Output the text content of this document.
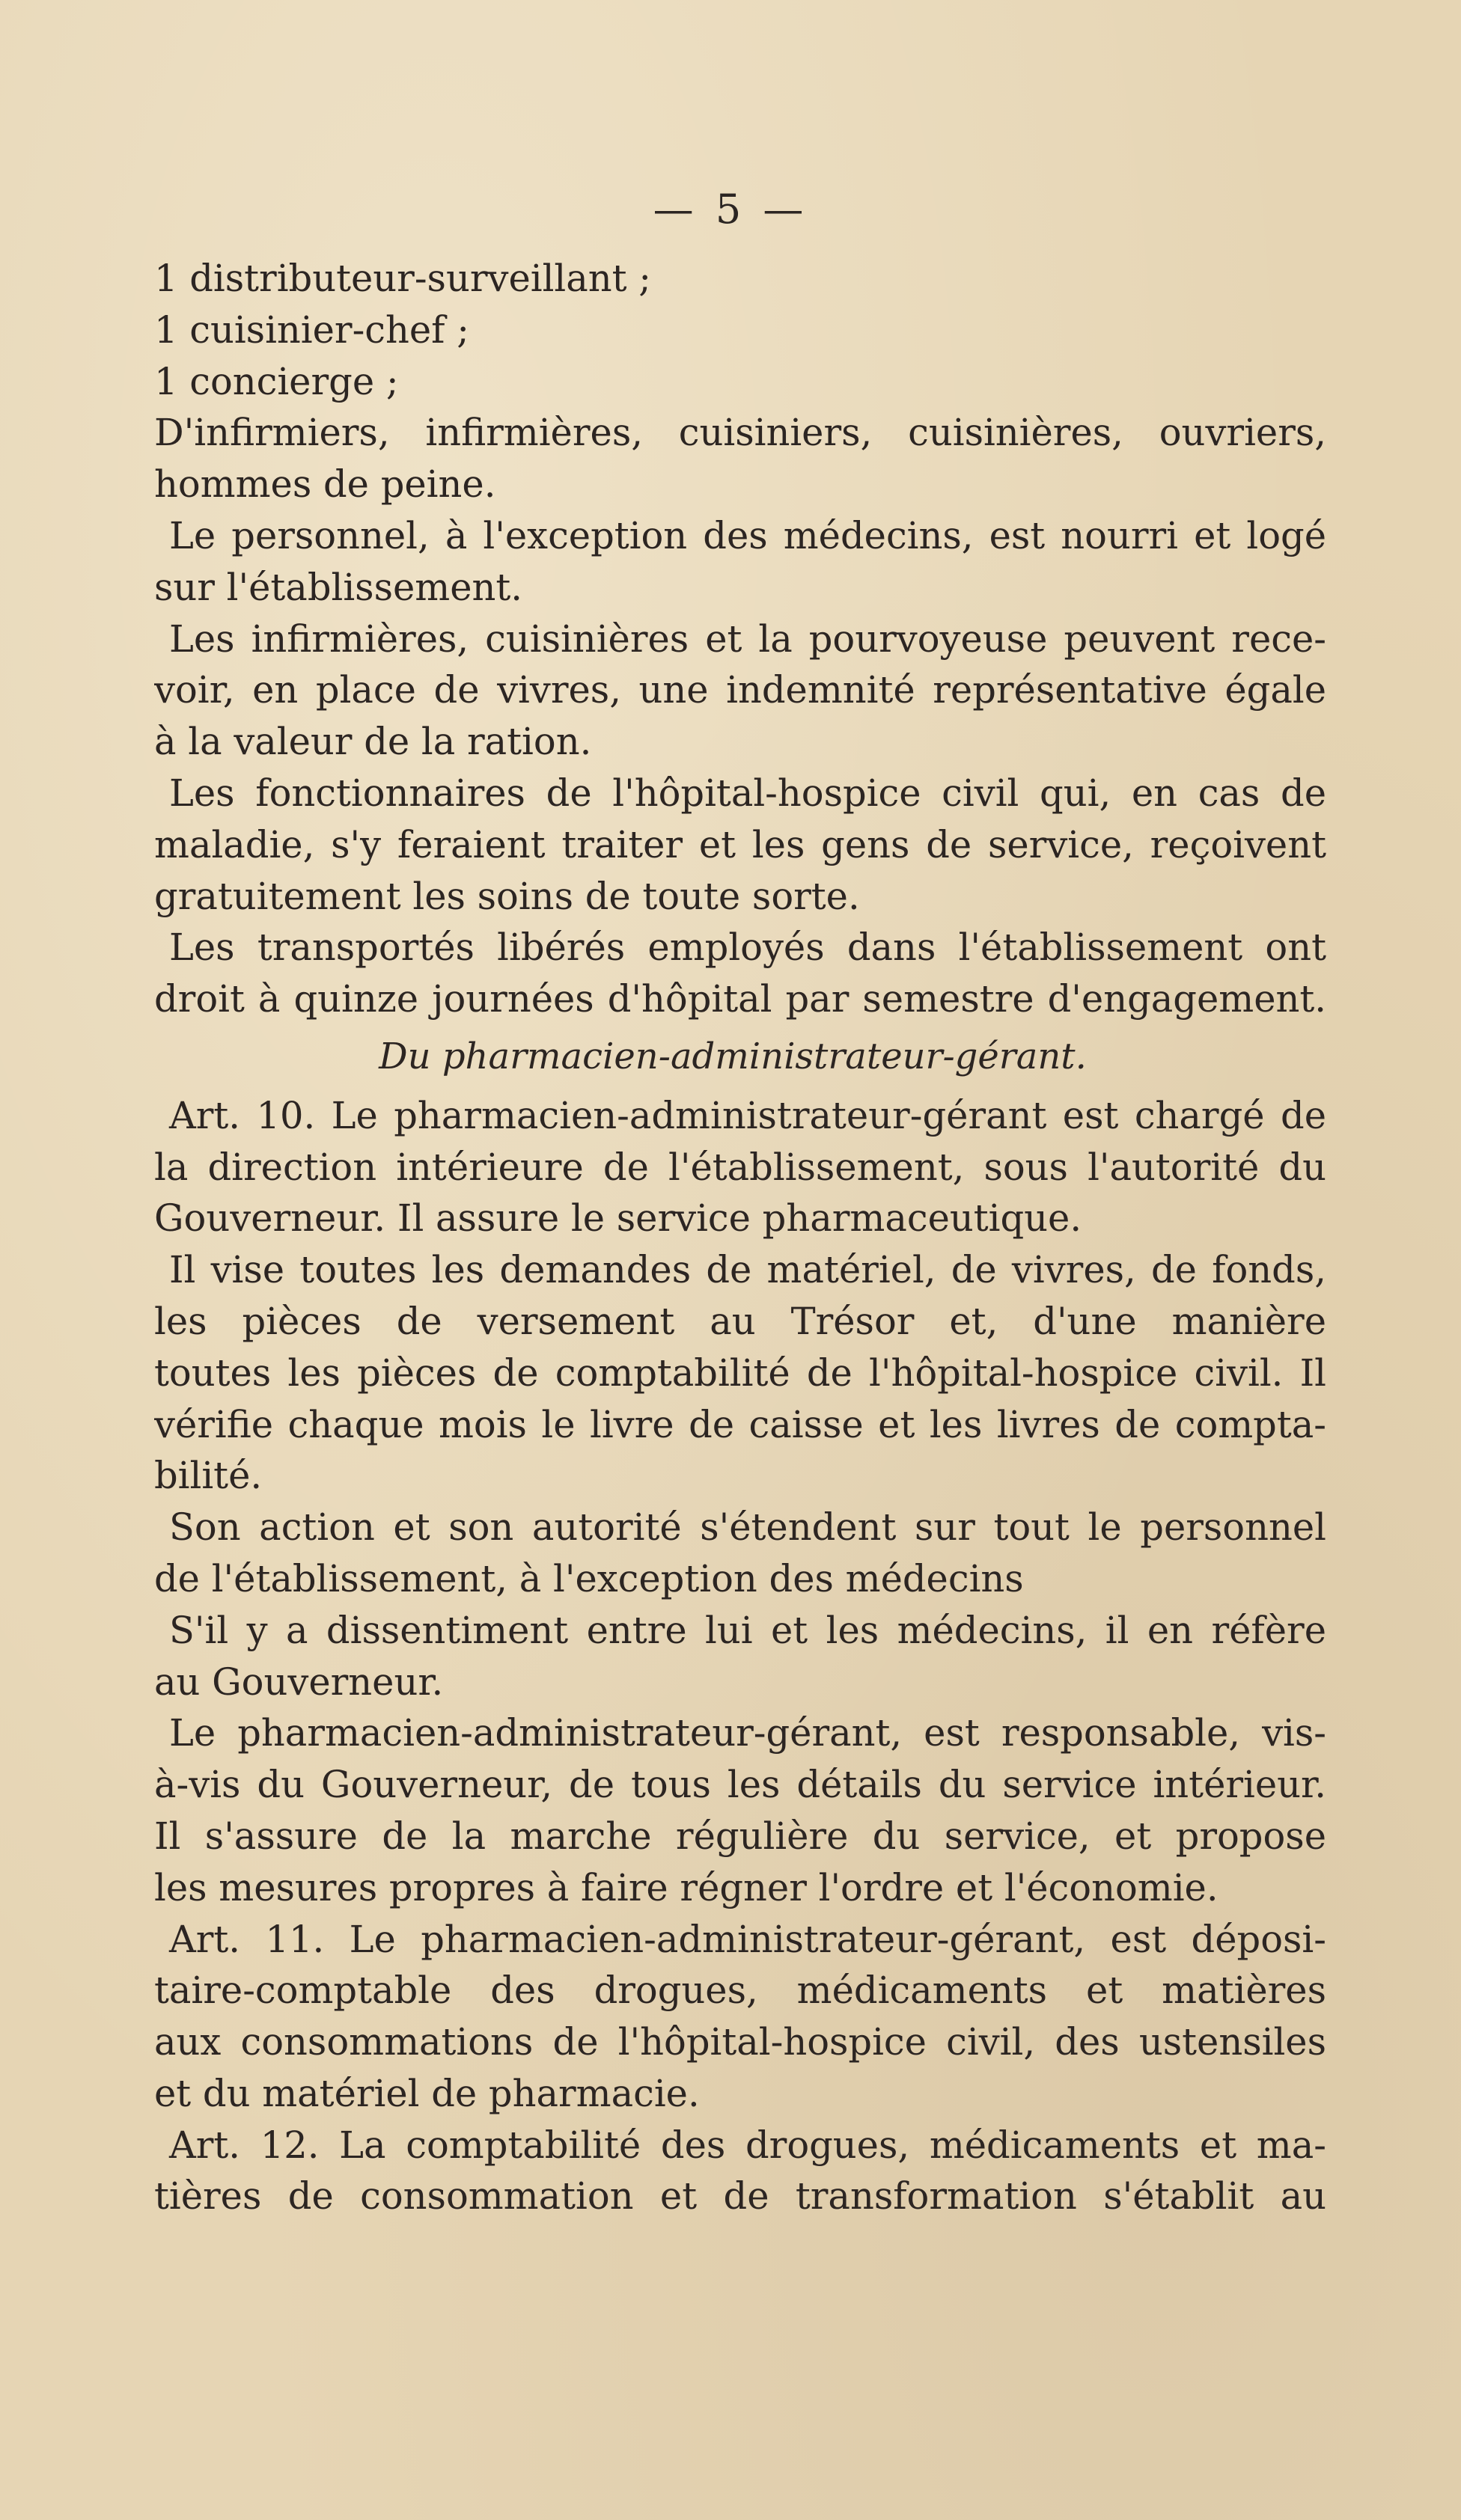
— 5 —
1 distributeur-surveillant ;
1 cuisinier-chef ;
1 concierge ;
D'infirmiers, infirmières, cuisiniers, cuisinières, ouvriers,
hommes de peine.
Le personnel, à l'exception des médecins, est nourri et logé
sur l'établissement.
Les infirmières, cuisinières et la pourvoyeuse peuvent rece-
voir, en place de vivres, une indemnité représentative égale
à la valeur de la ration.
Les fonctionnaires de l'hôpital-hospice civil qui, en cas de
maladie, s'y feraient traiter et les gens de service, reçoivent
gratuitement les soins de toute sorte.
Les transportés libérés employés dans l'établissement ont
droit à quinze journées d'hôpital par semestre d'engagement.
Du pharmacien-administrateur-gérant.
Art. 10. Le pharmacien-administrateur-gérant est chargé de
la direction intérieure de l'établissement, sous l'autorité du
Gouverneur. Il assure le service pharmaceutique.
Il vise toutes les demandes de matériel, de vivres, de fonds,
les pièces de versement au Trésor et, d'une manière
toutes les pièces de comptabilité de l'hôpital-hospice civil. Il
vérifie chaque mois le livre de caisse et les livres de compta-
bilité.
Son action et son autorité s'étendent sur tout le personnel
de l'établissement, à l'exception des médecins
S'il y a dissentiment entre lui et les médecins, il en réfère
au Gouverneur.
Le pharmacien-administrateur-gérant, est responsable, vis-
à-vis du Gouverneur, de tous les détails du service intérieur.
Il s'assure de la marche régulière du service, et propose
les mesures propres à faire régner l'ordre et l'économie.
Art. 11. Le pharmacien-administrateur-gérant, est déposi-
taire-comptable des drogues, médicaments et matières
aux consommations de l'hôpital-hospice civil, des ustensiles
et du matériel de pharmacie.
Art. 12. La comptabilité des drogues, médicaments et ma-
tières de consommation et de transformation s'établit au
